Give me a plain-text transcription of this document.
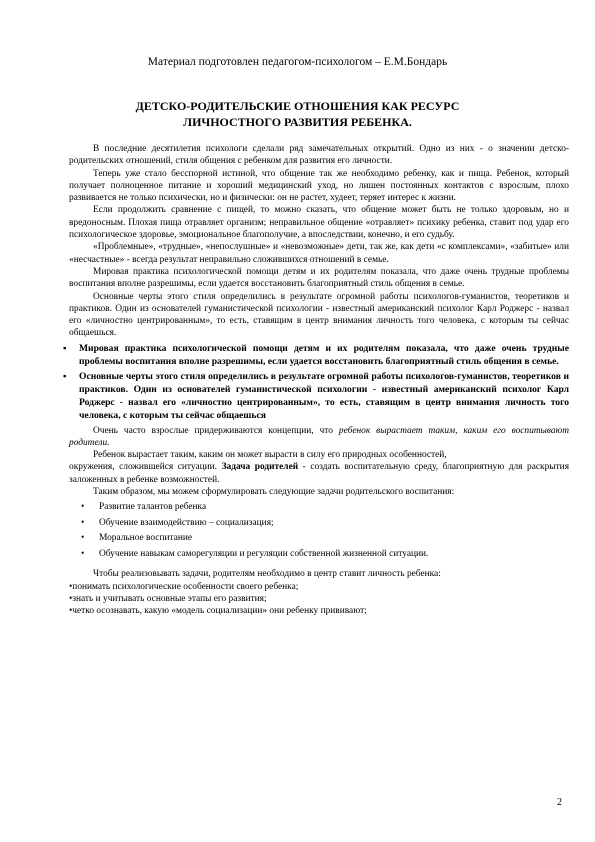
Материал подготовлен педагогом-психологом – Е.М.Бондарь
ДЕТСКО-РОДИТЕЛЬСКИЕ ОТНОШЕНИЯ КАК РЕСУРС
ЛИЧНОСТНОГО РАЗВИТИЯ РЕБЕНКА.

В последние десятилетия психологи сделали ряд замечательных открытий. Одно из них - о значении детско-родительских отношений, стиля общения с ребенком для развития его личности.

Теперь уже стало бесспорной истиной, что общение так же необходимо ребенку, как и пища. Ребенок, который получает полноценное питание и хороший медицинский уход, но лишен постоянных контактов с взрослым, плохо развивается не только психически, но и физически: он не растет, худеет, теряет интерес к жизни.

Если продолжить сравнение с пищей, то можно сказать, что общение может быть не только здоровым, но и вредоносным. Плохая пища отравляет организм; неправильное общение «отравляет» психику ребенка, ставит под удар его психологическое здоровье, эмоциональное благополучие, а впоследствии, конечно, и его судьбу.

«Проблемные», «трудные», «непослушные» и «невозможные» дети, так же, как дети «с комплексами», «забитые» или «несчастные» - всегда результат неправильно сложившихся отношений в семье.

Мировая практика психологической помощи детям и их родителям показала, что даже очень трудные проблемы воспитания вполне разрешимы, если удается восстановить благоприятный стиль общения в семье.

Основные черты этого стиля определились в результате огромной работы психологов-гуманистов, теоретиков и практиков. Один из основателей гуманистической психологии - известный американский психолог Карл Роджерс - назвал его «личностно центрированным», то есть, ставящим в центр внимания личность того человека, с которым ты сейчас общаешься.

▪ Мировая практика психологической помощи детям и их родителям показала, что даже очень трудные проблемы воспитания вполне разрешимы, если удается восстановить благоприятный стиль общения в семье.

▪ Основные черты этого стиля определились в результате огромной работы психологов-гуманистов, теоретиков и практиков. Один из основателей гуманистической психологии - известный американский психолог Карл Роджерс - назвал его «личностно центрированным», то есть, ставящим в центр внимания личность того человека, с которым ты сейчас общаешься

Очень часто взрослые придерживаются концепции, что ребенок вырастает таким, каким его воспитывают родители.

Ребенок вырастает таким, каким он может вырасти в силу его природных особенностей,

окружения, сложившейся ситуации. Задача родителей - создать воспитательную среду, благоприятную для раскрытия заложенных в ребенке возможностей.

Таким образом, мы можем сформулировать следующие задачи родительского воспитания:

• Развитие талантов ребенка
• Обучение взаимодействию – социализация;
• Моральное воспитание
• Обучение навыкам саморегуляции и регуляции собственной жизненной ситуации.

Чтобы реализовывать задачи, родителям необходимо в центр ставит личность ребенка:

•понимать психологические особенности своего ребенка;

•знать и учитывать основные этапы его развития;

•четко осознавать, какую «модель социализации» они ребенку прививают;

2
